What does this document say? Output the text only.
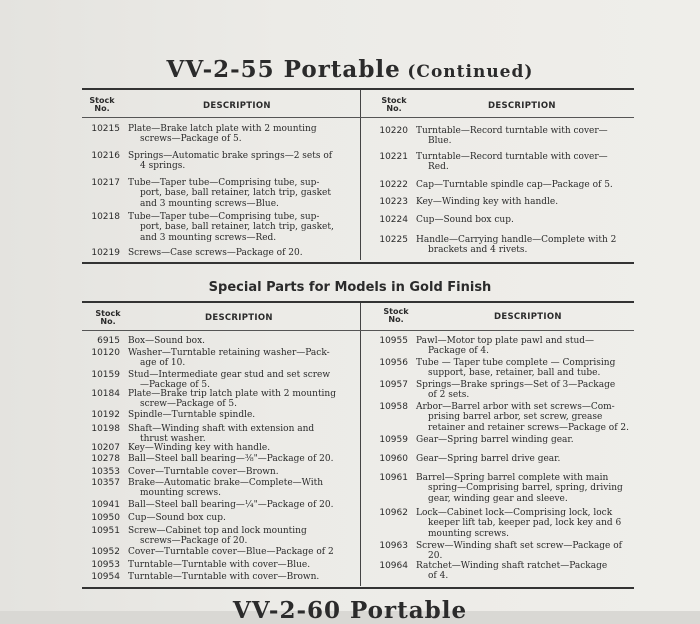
VV-2-55 Portable (Continued)
Stock
No.	DESCRIPTION
Stock
No.	DESCRIPTION
10215 Plate—Brake latch plate with 2 mounting
screws—Package of 5.
10216 Springs—Automatic brake springs—2 sets of
4 springs.
10217 Tube—Taper tube—Comprising tube, sup-
port, base, ball retainer, latch trip, gasket
and 3 mounting screws—Blue.
10218 Tube—Taper tube—Comprising tube, sup-
port, base, ball retainer, latch trip, gasket,
and 3 mounting screws—Red.
10219 Screws—Case screws—Package of 20.
10220 Turntable—Record turntable with cover—
Blue.
10221 Turntable—Record turntable with cover—
Red.
10222 Cap—Turntable spindle cap—Package of 5.
10223 Key—Winding key with handle.
10224 Cup—Sound box cup.
10225 Handle—Carrying handle—Complete with 2
brackets and 4 rivets.
Special Parts for Models in Gold Finish
Stock
No.	DESCRIPTION
Stock
No.	DESCRIPTION
6915 Box—Sound box.
10120 Washer—Turntable retaining washer—Pack-
age of 10.
10159 Stud—Intermediate gear stud and set screw
—Package of 5.
10184 Plate—Brake trip latch plate with 2 mounting
screw—Package of 5.
10192 Spindle—Turntable spindle.
10198 Shaft—Winding shaft with extension and
thrust washer.
10207 Key—Winding key with handle.
10278 Ball—Steel ball bearing—⅜"—Package of 20.
10353 Cover—Turntable cover—Brown.
10357 Brake—Automatic brake—Complete—With
mounting screws.
10941 Ball—Steel ball bearing—¼"—Package of 20.
10950 Cup—Sound box cup.
10951 Screw—Cabinet top and lock mounting
screws—Package of 20.
10952 Cover—Turntable cover—Blue—Package of 2
10953 Turntable—Turntable with cover—Blue.
10954 Turntable—Turntable with cover—Brown.
10955 Pawl—Motor top plate pawl and stud—
Package of 4.
10956 Tube — Taper tube complete — Comprising
support, base, retainer, ball and tube.
10957 Springs—Brake springs—Set of 3—Package
of 2 sets.
10958 Arbor—Barrel arbor with set screws—Com-
prising barrel arbor, set screw, grease
retainer and retainer screws—Package of 2.
10959 Gear—Spring barrel winding gear.
10960 Gear—Spring barrel drive gear.
10961 Barrel—Spring barrel complete with main
spring—Comprising barrel, spring, driving
gear, winding gear and sleeve.
10962 Lock—Cabinet lock—Comprising lock, lock
keeper lift tab, keeper pad, lock key and 6
mounting screws.
10963 Screw—Winding shaft set screw—Package of
20.
10964 Ratchet—Winding shaft ratchet—Package
of 4.
VV-2-60 Portable
